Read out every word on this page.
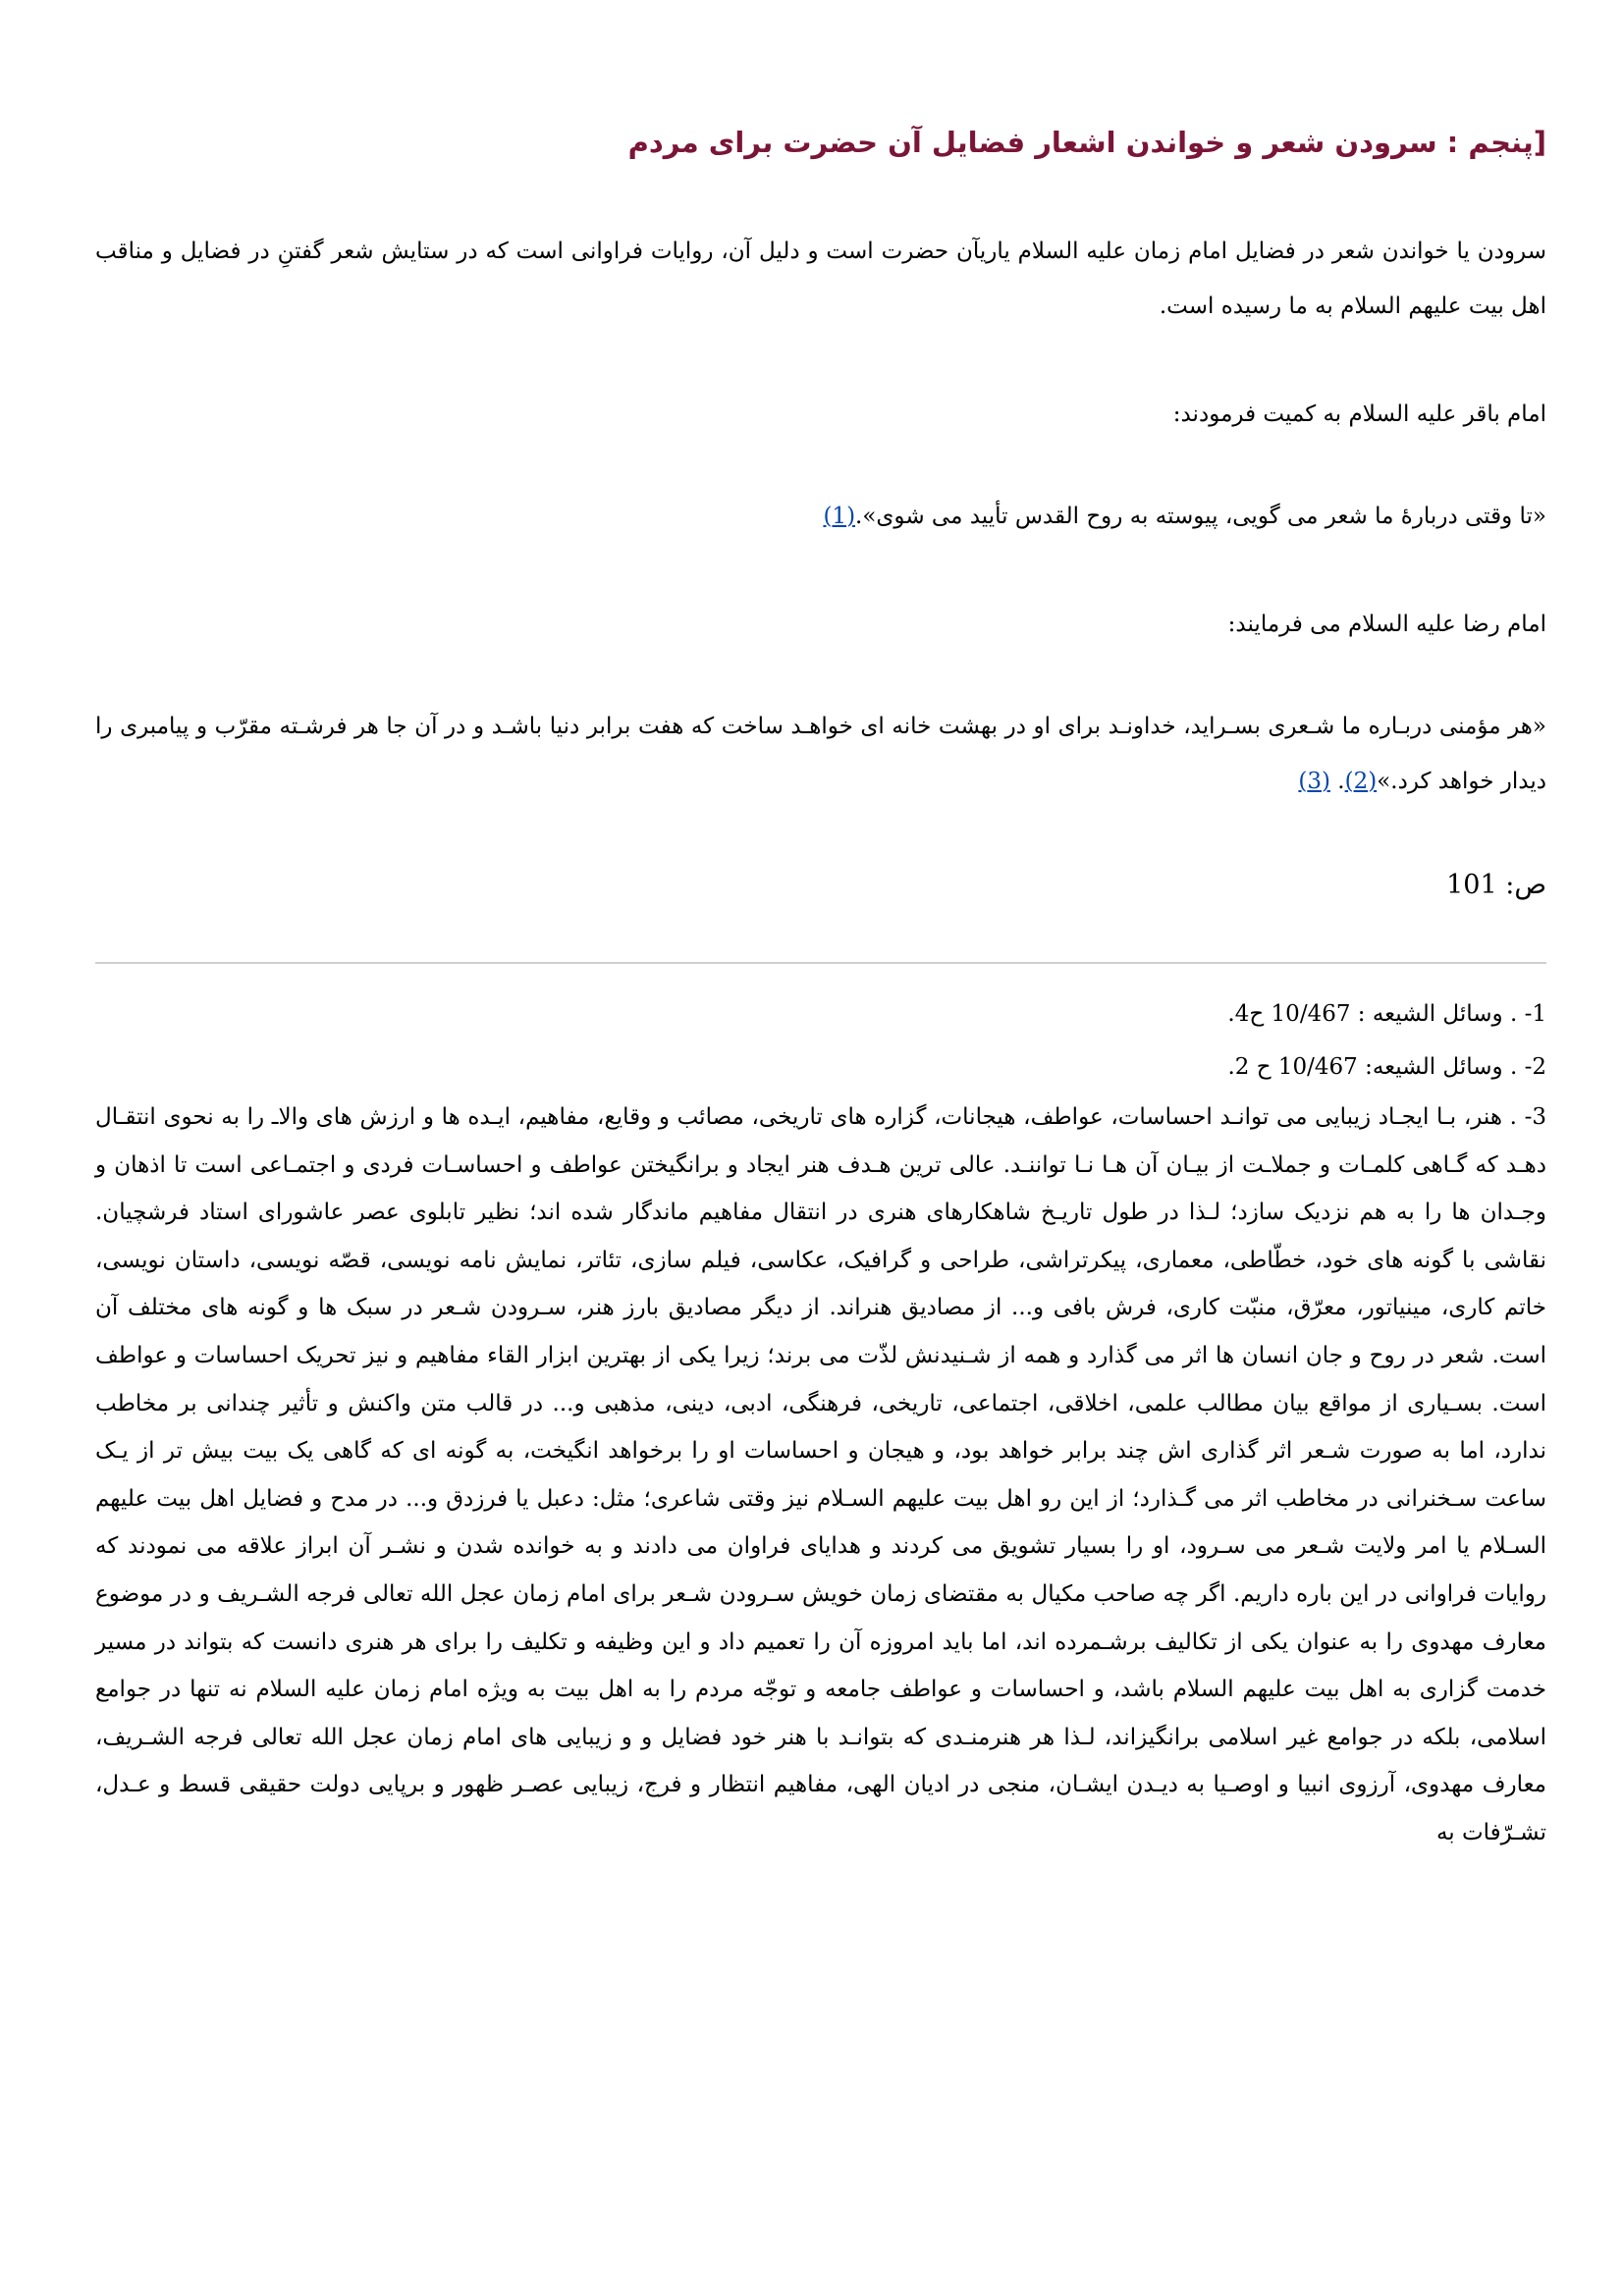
[پنجم : سرودن شعر و خواندن اشعار فضایل آن حضرت برای مردم

سرودن یا خواندن شعر در فضایل امام زمان علیه السلام یاریآن حضرت است و دلیل آن، روایات فراوانی است که در ستایش شعر گفتنِ در فضایل و مناقب اهل بیت علیهم السلام به ما رسیده است.

امام باقر علیه السلام به کمیت فرمودند:

«تا وقتی دربارهٔ ما شعر می گویی، پیوسته به روح القدس تأیید می شوی».(1)

امام رضا علیه السلام می فرمایند:

«هر مؤمنی دربـاره ما شـعری بسـراید، خداونـد برای او در بهشت خانه ای خواهـد ساخت که هفت برابر دنیا باشـد و در آن جا هر فرشـته مقرّب و پیامبری را دیدار خواهد کرد.»(2). (3)

ص: 101
1- . وسائل الشیعه : 10/467 ح4.
2- . وسائل الشیعه: 10/467 ح 2.
3- . هنر، بـا ایجـاد زیبایی می توانـد احساسات، عواطف، هیجانات، گزاره های تاریخی، مصائب و وقایع، مفاهیم، ایـده ها و ارزش های والاـ را به نحوی انتقـال دهـد که گـاهی کلمـات و جملاـت از بیـان آن هـا نـا تواننـد. عالی ترین هـدف هنر ایجاد و برانگیختن عواطف و احساسـات فردی و اجتمـاعی است تا اذهان و وجـدان ها را به هم نزدیک سازد؛ لـذا در طول تاریـخ شاهکارهای هنری در انتقال مفاهیم ماندگار شده اند؛ نظیر تابلوی عصر عاشورای استاد فرشچیان. نقاشی با گونه های خود، خطّاطی، معماری، پیکرتراشی، طراحی و گرافیک، عکاسی، فیلم سازی، تئاتر، نمایش نامه نویسی، قصّه نویسی، داستان نویسی، خاتم کاری، مینیاتور، معرّق، منبّت کاری، فرش بافی و... از مصادیق هنراند. از دیگر مصادیق بارز هنر، سـرودن شـعر در سبک ها و گونه های مختلف آن است. شعر در روح و جان انسان ها اثر می گذارد و همه از شـنیدنش لذّت می برند؛ زیرا یکی از بهترین ابزار القاء مفاهیم و نیز تحریک احساسات و عواطف است. بسـیاری از مواقع بیان مطالب علمی، اخلاقی، اجتماعی، تاریخی، فرهنگی، ادبی، دینی، مذهبی و... در قالب متن واکنش و تأثیر چندانی بر مخاطب ندارد، اما به صورت شـعر اثر گذاری اش چند برابر خواهد بود، و هیجان و احساسات او را برخواهد انگیخت، به گونه ای که گاهی یک بیت بیش تر از یـک ساعت سـخنرانی در مخاطب اثر می گـذارد؛ از این رو اهل بیت علیهم السـلام نیز وقتی شاعری؛ مثل: دعبل یا فرزدق و... در مدح و فضایل اهل بیت علیهم السـلام یا امر ولایت شـعر می سـرود، او را بسیار تشویق می کردند و هدایای فراوان می دادند و به خوانده شدن و نشـر آن ابراز علاقه می نمودند که روایات فراوانی در این باره داریم. اگر چه صاحب مکیال به مقتضای زمان خویش سـرودن شـعر برای امام زمان عجل الله تعالی فرجه الشـریف و در موضوع معارف مهدوی را به عنوان یکی از تکالیف برشـمرده اند، اما باید امروزه آن را تعمیم داد و این وظیفه و تکلیف را برای هر هنری دانست که بتواند در مسیر خدمت گزاری به اهل بیت علیهم السلام باشد، و احساسات و عواطف جامعه و توجّه مردم را به اهل بیت به ویژه امام زمان علیه السلام نه تنها در جوامع اسلامی، بلکه در جوامع غیر اسلامی برانگیزاند، لـذا هر هنرمنـدی که بتوانـد با هنر خود فضایل و و زیبایی های امام زمان عجل الله تعالی فرجه الشـریف، معارف مهدوی، آرزوی انبیا و اوصـیا به دیـدن ایشـان، منجی در ادیان الهی، مفاهیم انتظار و فرج، زیبایی عصـر ظهور و برپایی دولت حقیقی قسط و عـدل، تشـرّفات به
